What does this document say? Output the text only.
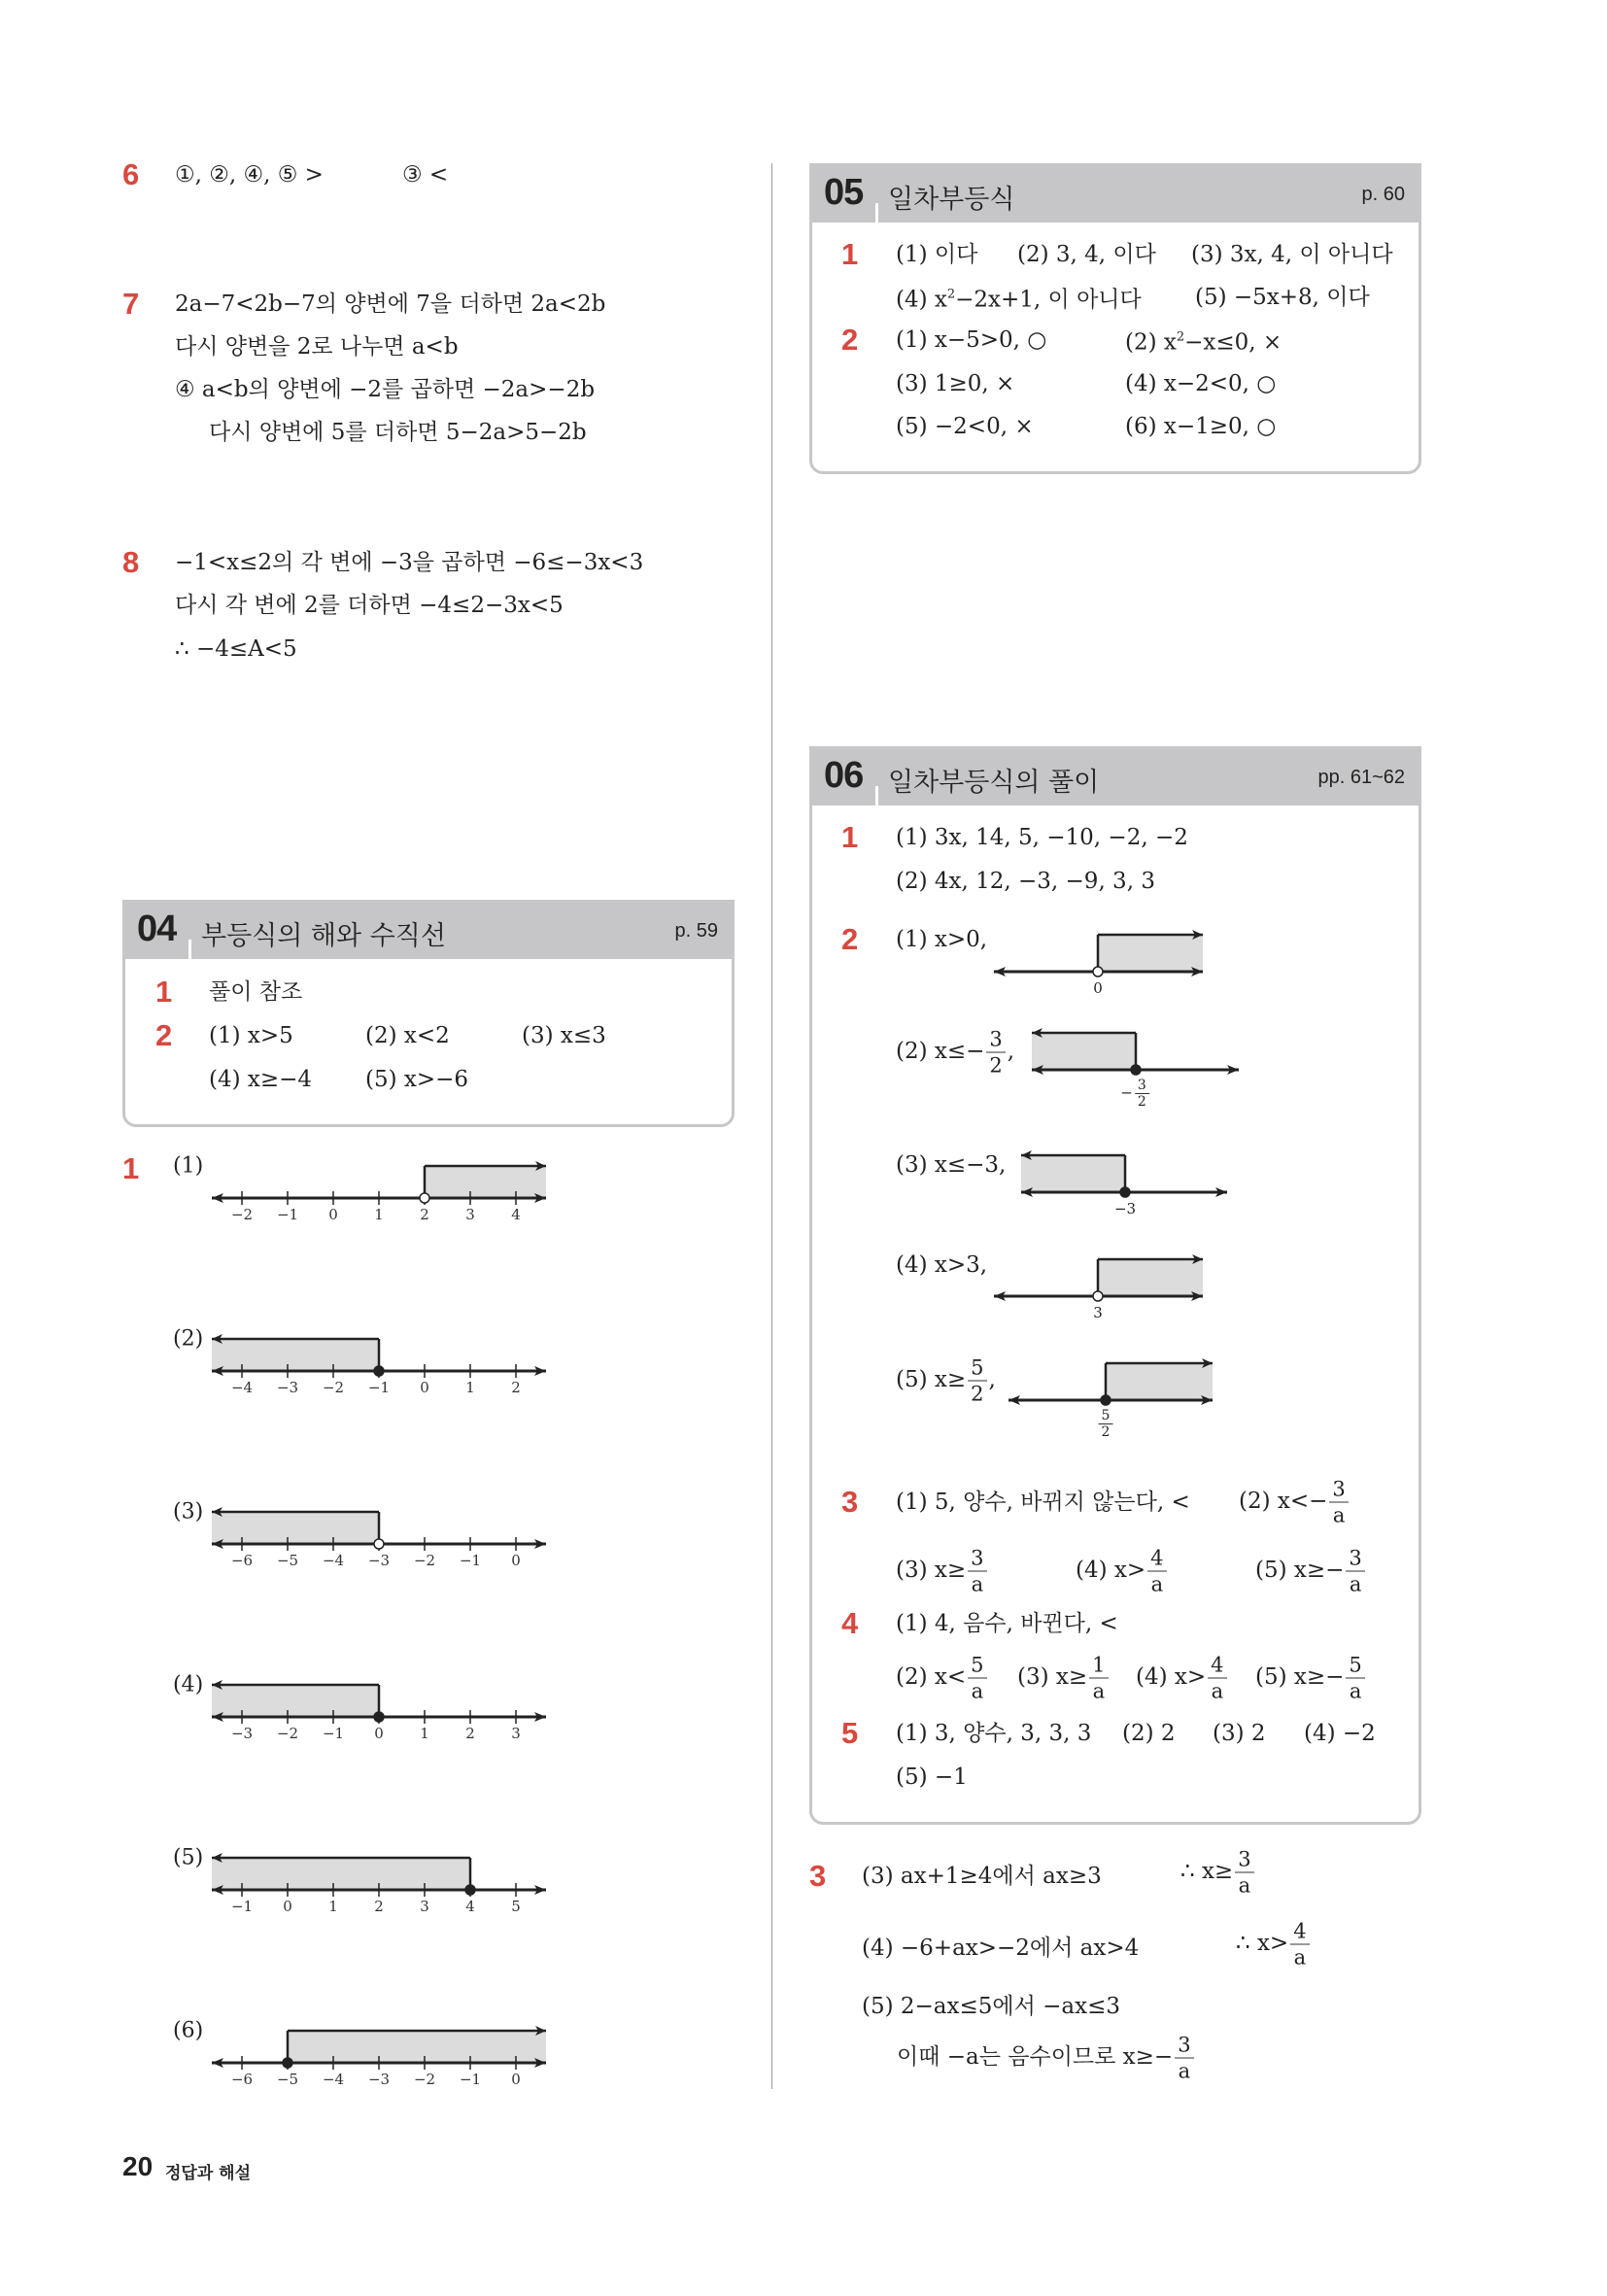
6 ①, ②, ④, ⑤ >	③ <
7 2a−7<2b−7의 양변에 7을 더하면 2a<2b
다시 양변을 2로 나누면 a<b
④ a<b의 양변에 −2를 곱하면 −2a>−2b
다시 양변에 5를 더하면 5−2a>5−2b
8 −1<x≤2의 각 변에 −3을 곱하면 −6≤−3x<3
다시 각 변에 2를 더하면 −4≤2−3x<5
∴ −4≤A<5
04 부등식의 해와 수직선	p. 59
1 풀이 참조
2 (1) x>5	(2) x<2	(3) x≤3
(4) x≥−4 (5) x>−6
1 (1)
−2 −1 0 1 2 3 4
(2)
−4 −3 −2 −1 0 1 2
(3)
−6 −5 −4 −3 −2 −1 0
(4)
−3 −2 −1 0 1 2 3
(5)
−1 0 1 2 3 4 5
(6)
−6 −5 −4 −3 −2 −1 0
05 일차부등식	p. 60
1 (1) 이다 (2) 3, 4, 이다 (3) 3x, 4, 이 아니다
(4) $x^2-2x+1$, 이 아니다 (5) −5x+8, 이다
2 (1) x−5>0, ○	(2) $x^2-x\le 0$, ×
(3) 1≥0, ×	(4) x−2<0, ○
(5) −2<0, ×	(6) x−1≥0, ○
06 일차부등식의 풀이	pp. 61~62
1 (1) 3x, 14, 5, −10, −2, −2
(2) 4x, 12, −3, −9, 3, 3
2 (1) x>0,
0
(2) $x\le- \frac{3}{2}$ ,
− $\frac{3}{2}$
(3) x≤−3,
−3
(4) x>3,
3
(5) $x\ge \frac{5}{2}$ ,
$\frac{5}{2}$
3 (1) 5, 양수, 바뀌지 않는다, < (2) $x<- \frac{3}{a}$
(3) $x\ge \frac{3}{a}$	(4) $x> \frac{4}{a}$	(5) $x\ge- \frac{3}{a}$
4 (1) 4, 음수, 바뀐다, <
(2) $x< \frac{5}{a} (3)$ $x\ge \frac{1}{a} (4)$ $x> \frac{4}{a} (5)$ $x\ge- \frac{5}{a}$
5 (1) 3, 양수, 3, 3, 3 (2) 2 (3) 2 (4) −2
(5) −1
3 (3) ax+1≥4에서 ax≥3	∴ $x\ge \frac{3}{a}$
(4) −6+ax>−2에서 ax>4	∴ $x> \frac{4}{a}$
(5) 2−ax≤5에서 −ax≤3
이때 −a는 음수이므로 $x\ge- \frac{3}{a}$
20 정답과 해설
